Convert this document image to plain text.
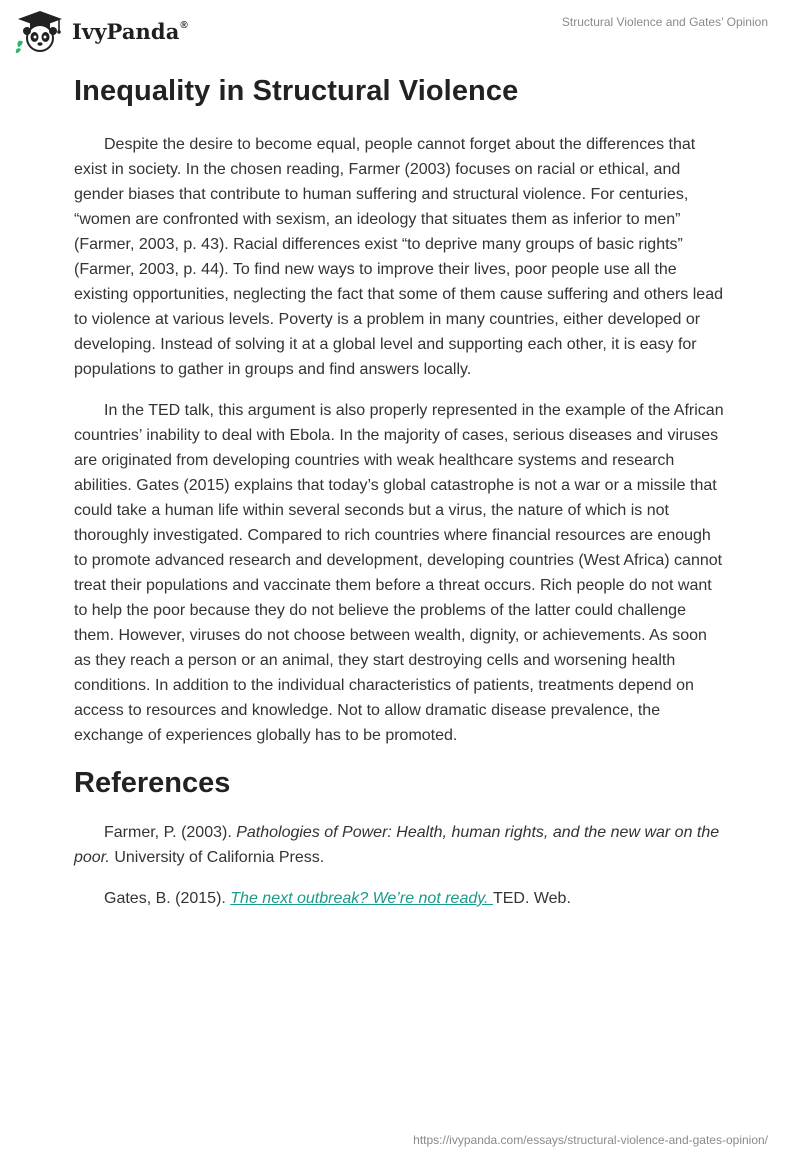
IvyPanda®	Structural Violence and Gates’ Opinion
Inequality in Structural Violence

Despite the desire to become equal, people cannot forget about the differences that exist in society. In the chosen reading, Farmer (2003) focuses on racial or ethical, and gender biases that contribute to human suffering and structural violence. For centuries, “women are confronted with sexism, an ideology that situates them as inferior to men” (Farmer, 2003, p. 43). Racial differences exist “to deprive many groups of basic rights” (Farmer, 2003, p. 44). To find new ways to improve their lives, poor people use all the existing opportunities, neglecting the fact that some of them cause suffering and others lead to violence at various levels. Poverty is a problem in many countries, either developed or developing. Instead of solving it at a global level and supporting each other, it is easy for populations to gather in groups and find answers locally.

In the TED talk, this argument is also properly represented in the example of the African countries’ inability to deal with Ebola. In the majority of cases, serious diseases and viruses are originated from developing countries with weak healthcare systems and research abilities. Gates (2015) explains that today’s global catastrophe is not a war or a missile that could take a human life within several seconds but a virus, the nature of which is not thoroughly investigated. Compared to rich countries where financial resources are enough to promote advanced research and development, developing countries (West Africa) cannot treat their populations and vaccinate them before a threat occurs. Rich people do not want to help the poor because they do not believe the problems of the latter could challenge them. However, viruses do not choose between wealth, dignity, or achievements. As soon as they reach a person or an animal, they start destroying cells and worsening health conditions. In addition to the individual characteristics of patients, treatments depend on access to resources and knowledge. Not to allow dramatic disease prevalence, the exchange of experiences globally has to be promoted.

References

Farmer, P. (2003). Pathologies of Power: Health, human rights, and the new war on the poor. University of California Press.

Gates, B. (2015). The next outbreak? We’re not ready. TED. Web.

https://ivypanda.com/essays/structural-violence-and-gates-opinion/
